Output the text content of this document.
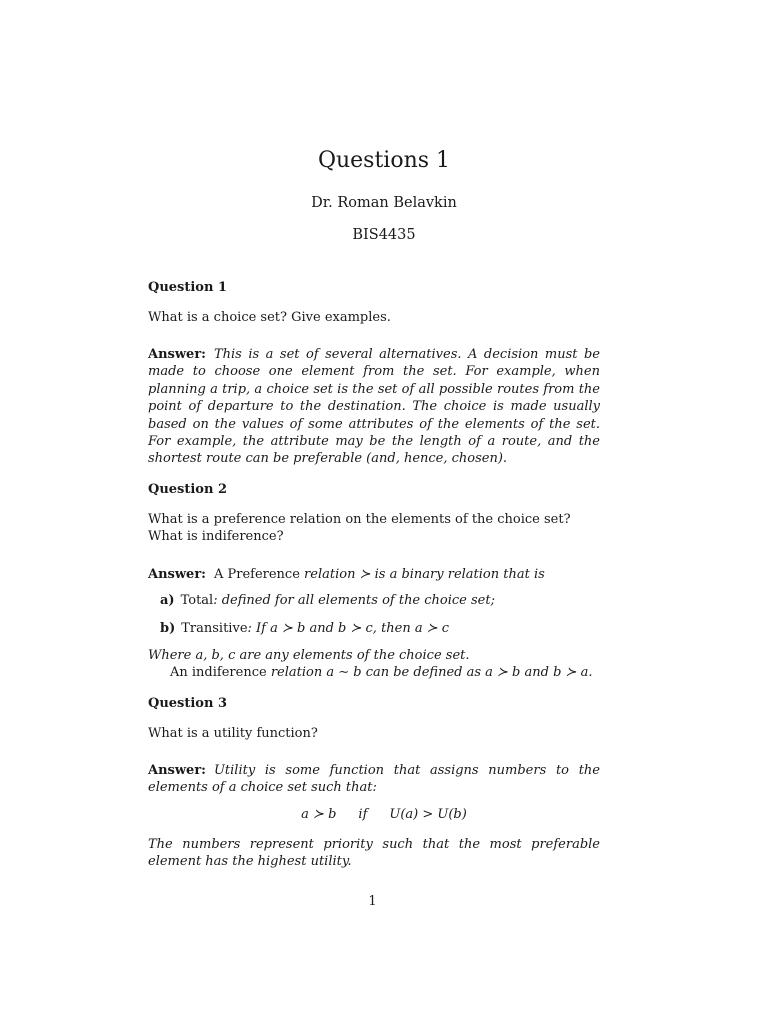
Questions 1
Dr. Roman Belavkin
BIS4435
Question 1
What is a choice set? Give examples.
Answer: This is a set of several alternatives. A decision must be made to choose one element from the set. For example, when planning a trip, a choice set is the set of all possible routes from the point of departure to the destination. The choice is made usually based on the values of some attributes of the elements of the set. For example, the attribute may be the length of a route, and the shortest route can be preferable (and, hence, chosen).
Question 2
What is a preference relation on the elements of the choice set? What is indiference?
Answer: A Preference relation ≻ is a binary relation that is
a) Total: defined for all elements of the choice set;
b) Transitive: If a ≻ b and b ≻ c, then a ≻ c
Where a, b, c are any elements of the choice set.
An indiference relation a ∼ b can be defined as a ≻ b and b ≻ a.
Question 3
What is a utility function?
Answer: Utility is some function that assigns numbers to the elements of a choice set such that:
a ≻ b if U(a) > U(b)
The numbers represent priority such that the most preferable element has the highest utility.
1
